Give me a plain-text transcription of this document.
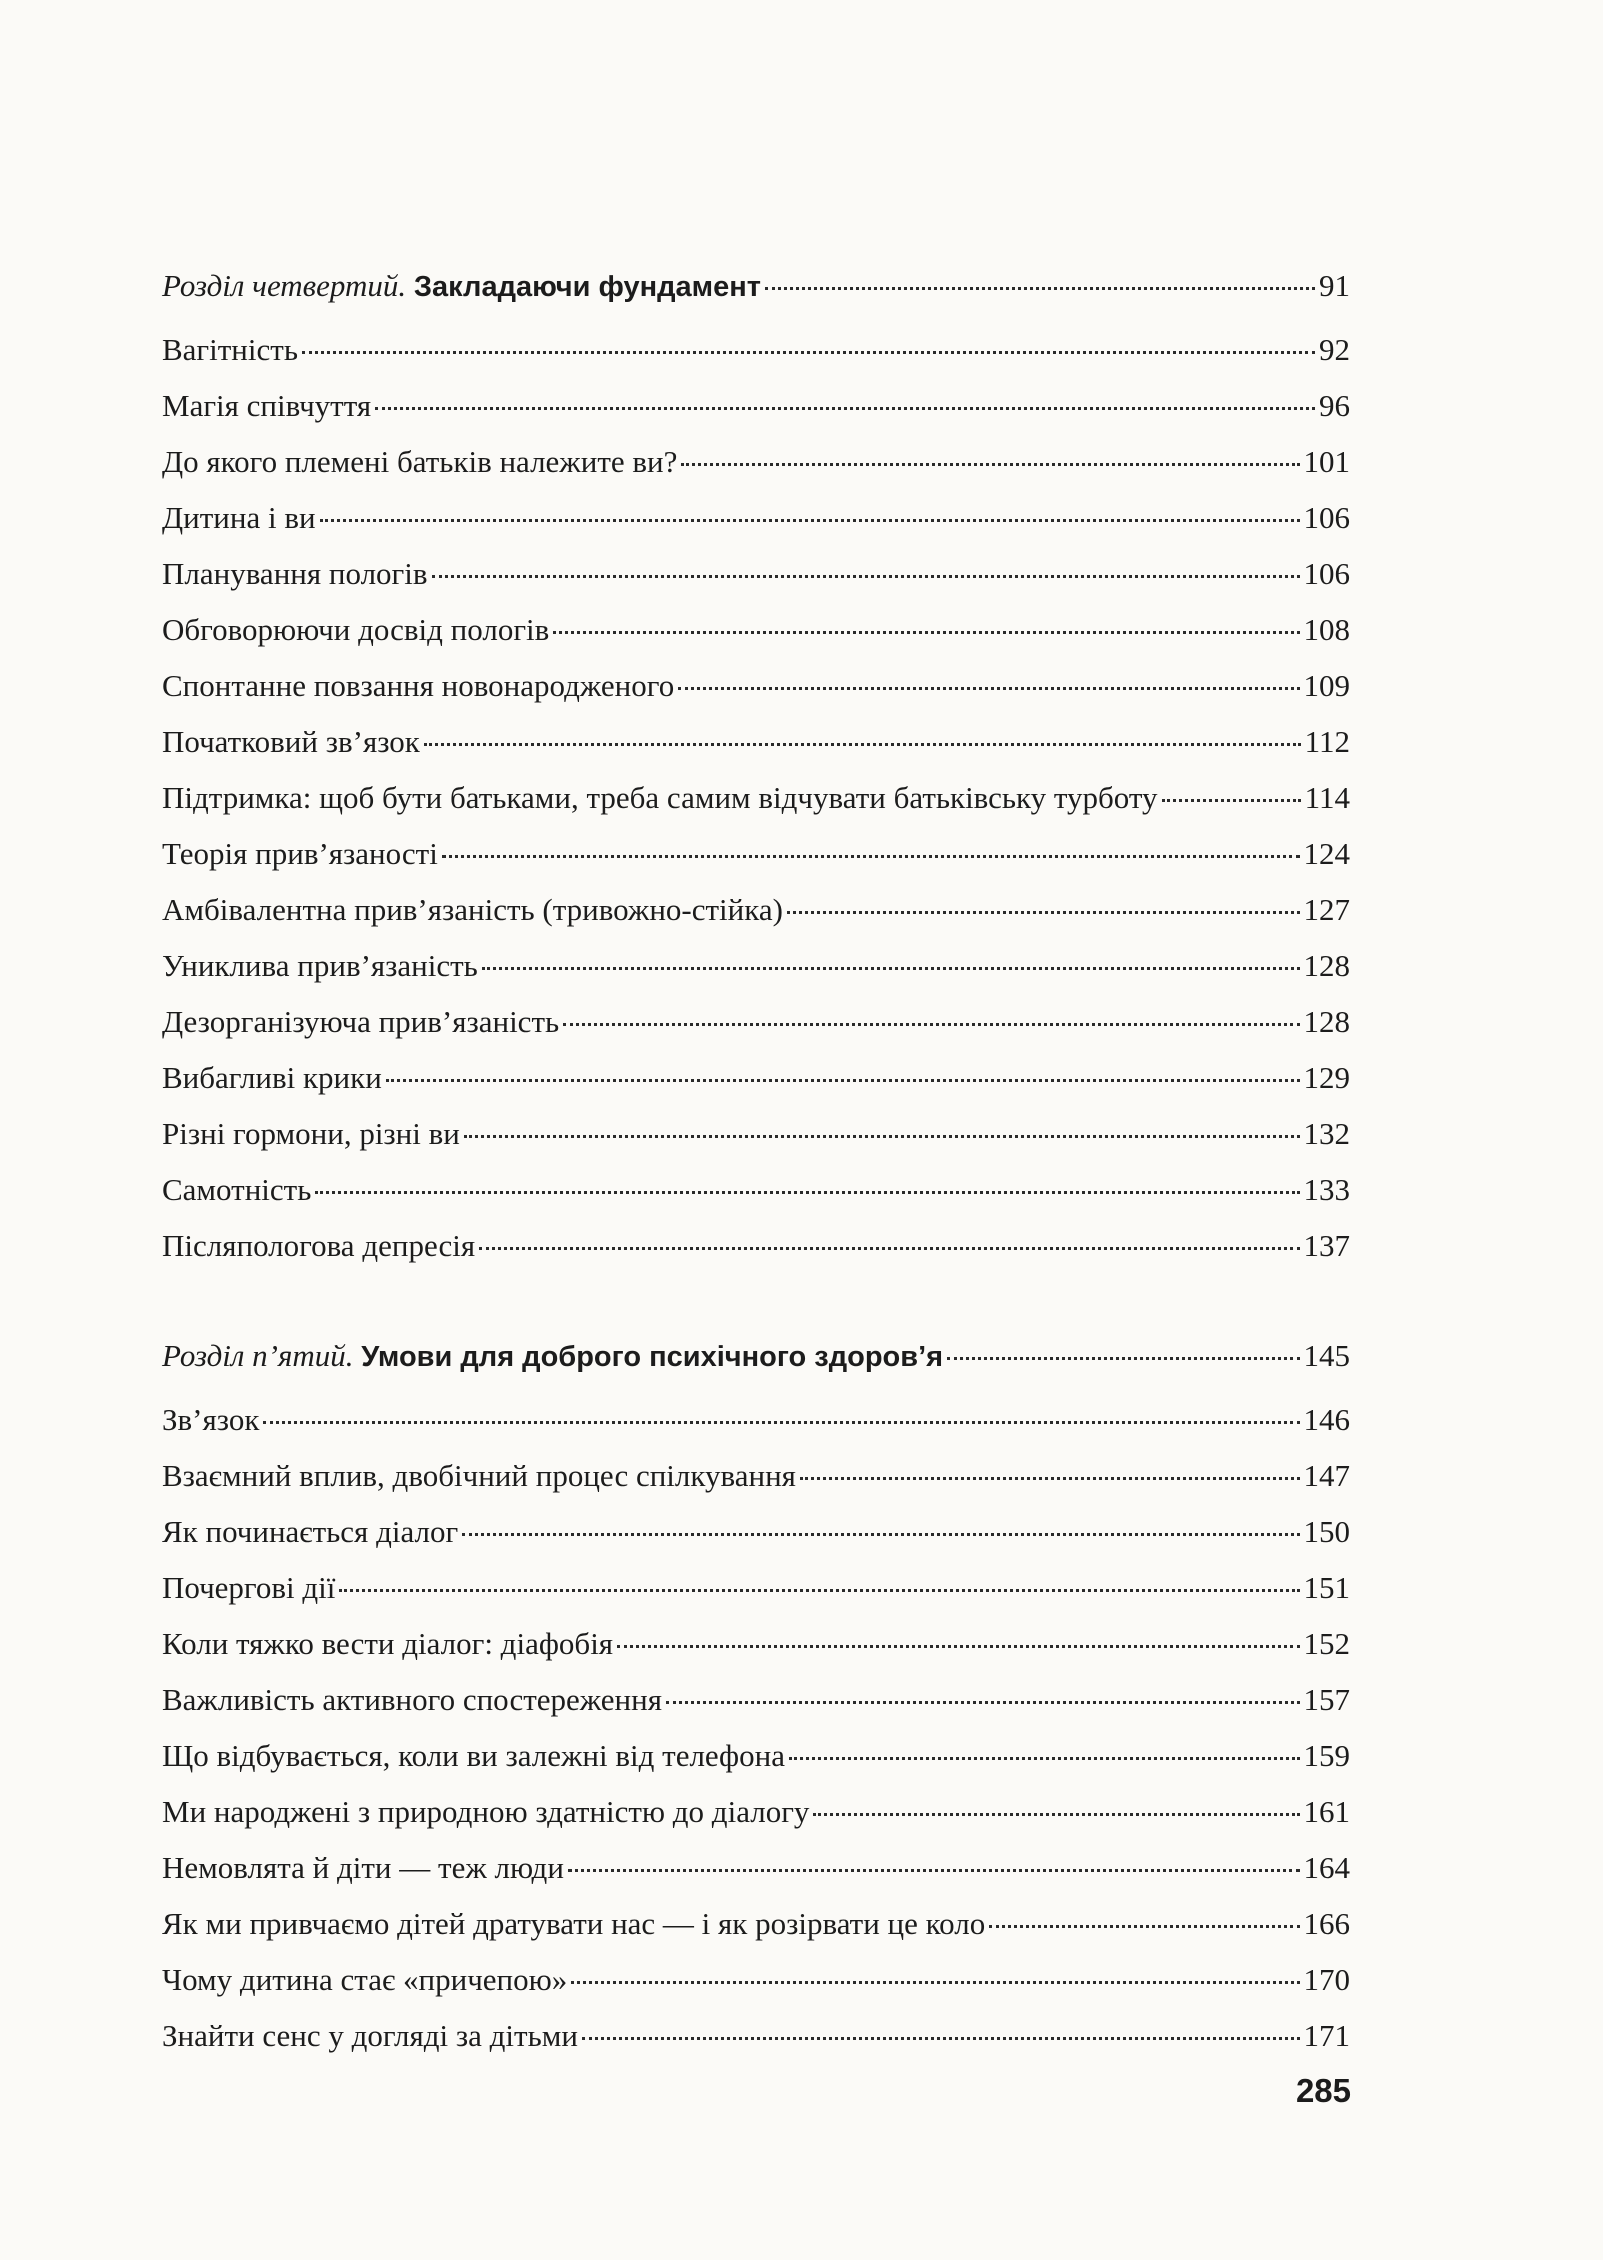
Розділ четвертий. Закладаючи фундамент	91
Вагітність	92
Магія співчуття	96
До якого племені батьків належите ви?	101
Дитина і ви	106
Планування пологів	106
Обговорюючи досвід пологів	108
Спонтанне повзання новонародженого	109
Початковий зв’язок	112
Підтримка: щоб бути батьками, треба самим відчувати батьківську турботу	114
Теорія прив’язаності	124
Амбівалентна прив’язаність (тривожно-стійка)	127
Униклива прив’язаність	128
Дезорганізуюча прив’язаність	128
Вибагливі крики	129
Різні гормони, різні ви	132
Самотність	133
Післяпологова депресія	137
Розділ п’ятий. Умови для доброго психічного здоров’я	145
Зв’язок	146
Взаємний вплив, двобічний процес спілкування	147
Як починається діалог	150
Почергові дії	151
Коли тяжко вести діалог: діафобія	152
Важливість активного спостереження	157
Що відбувається, коли ви залежні від телефона	159
Ми народжені з природною здатністю до діалогу	161
Немовлята й діти — теж люди	164
Як ми привчаємо дітей дратувати нас — і як розірвати це коло	166
Чому дитина стає «причепою»	170
Знайти сенс у догляді за дітьми	171
285
